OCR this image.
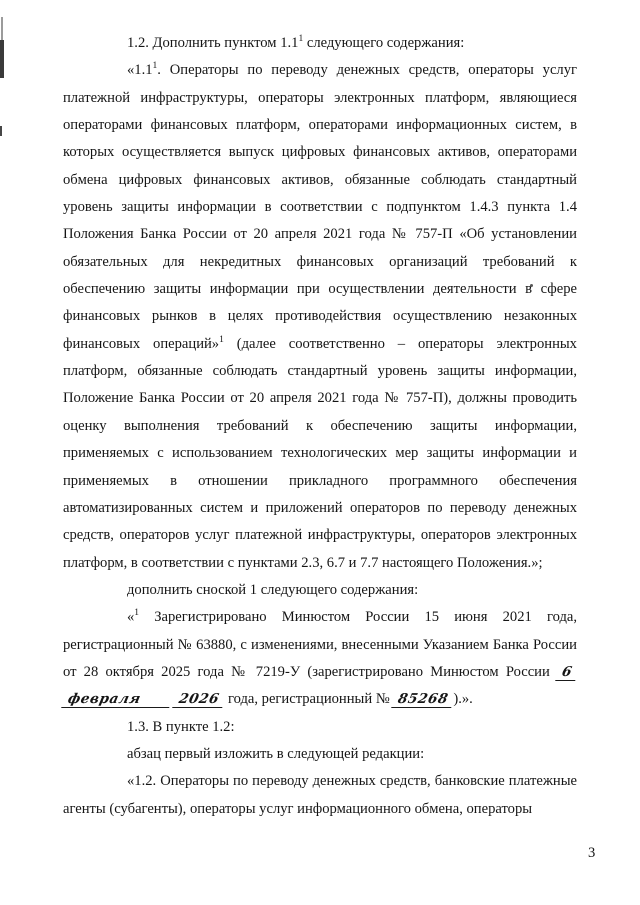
1.2. Дополнить пунктом $1.1^1$ следующего содержания:

«$1.1^1$. Операторы по переводу денежных средств, операторы услуг платежной инфраструктуры, операторы электронных платформ, являющиеся операторами финансовых платформ, операторами информационных систем, в которых осуществляется выпуск цифровых финансовых активов, операторами обмена цифровых финансовых активов, обязанные соблюдать стандартный уровень защиты информации в соответствии с подпунктом 1.4.3 пункта 1.4 Положения Банка России от 20 апреля 2021 года № 757-П «Об установлении обязательных для некредитных финансовых организаций требований к обеспечению защиты информации при осуществлении деятельности в сфере финансовых рынков в целях противодействия осуществлению незаконных финансовых операций»$^1$ (далее соответственно – операторы электронных платформ, обязанные соблюдать стандартный уровень защиты информации, Положение Банка России от 20 апреля 2021 года № 757-П), должны проводить оценку выполнения требований к обеспечению защиты информации, применяемых с использованием технологических мер защиты информации и применяемых в отношении прикладного программного обеспечения автоматизированных систем и приложений операторов по переводу денежных средств, операторов услуг платежной инфраструктуры, операторов электронных платформ, в соответствии с пунктами 2.3, 6.7 и 7.7 настоящего Положения.»;

дополнить сноской 1 следующего содержания:

«$^1$ Зарегистрировано Минюстом России 15 июня 2021 года, регистрационный № 63880, с изменениями, внесенными Указанием Банка России от 28 октября 2025 года № 7219-У (зарегистрировано Минюстом России 6 февраля	2026 года, регистрационный № 85268 ).».

1.3. В пункте 1.2:

абзац первый изложить в следующей редакции:

«1.2. Операторы по переводу денежных средств, банковские платежные агенты (субагенты), операторы услуг информационного обмена, операторы

3
